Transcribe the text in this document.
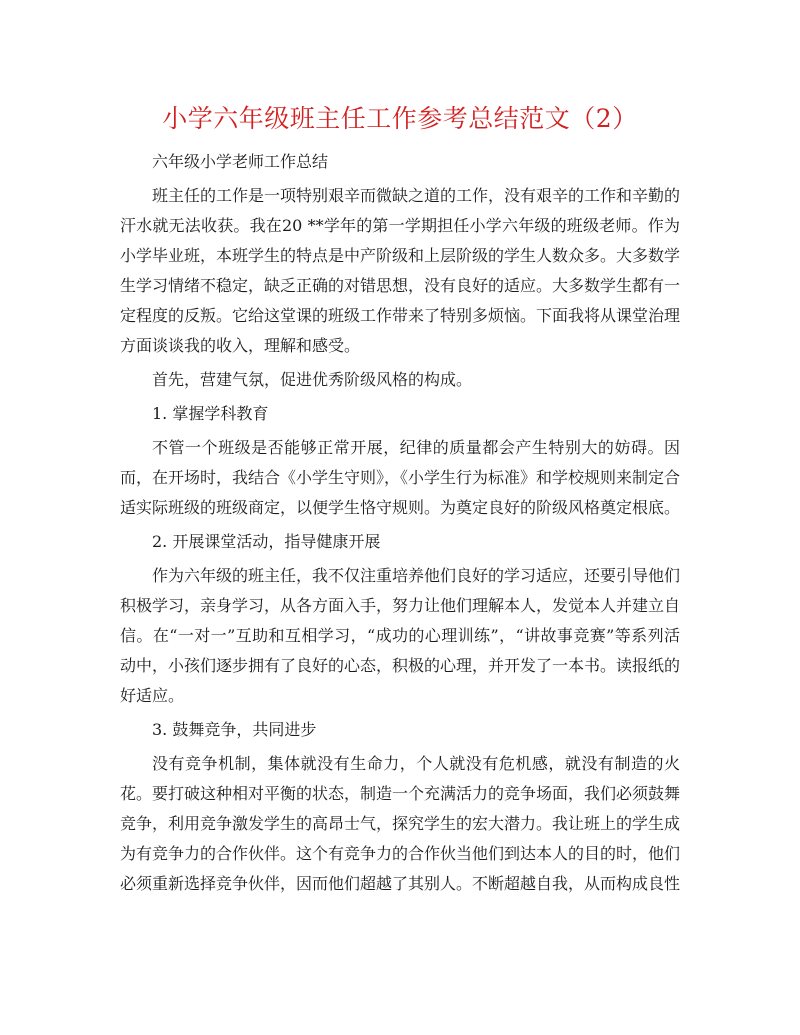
小学六年级班主任工作参考总结范文（2）

六年级小学老师工作总结

班主任的工作是一项特别艰辛而微缺之道的工作，没有艰辛的工作和辛勤的汗水就无法收获。我在20 **学年的第一学期担任小学六年级的班级老师。作为小学毕业班，本班学生的特点是中产阶级和上层阶级的学生人数众多。大多数学生学习情绪不稳定，缺乏正确的对错思想，没有良好的适应。大多数学生都有一定程度的反叛。它给这堂课的班级工作带来了特别多烦恼。下面我将从课堂治理方面谈谈我的收入，理解和感受。

首先，营建气氛，促进优秀阶级风格的构成。

1. 掌握学科教育

不管一个班级是否能够正常开展，纪律的质量都会产生特别大的妨碍。因而，在开场时，我结合《小学生守则》，《小学生行为标准》和学校规则来制定合适实际班级的班级商定，以便学生恪守规则。为奠定良好的阶级风格奠定根底。

2. 开展课堂活动，指导健康开展

作为六年级的班主任，我不仅注重培养他们良好的学习适应，还要引导他们积极学习，亲身学习，从各方面入手，努力让他们理解本人，发觉本人并建立自信。在“一对一”互助和互相学习，“成功的心理训练”，“讲故事竞赛”等系列活动中，小孩们逐步拥有了良好的心态，积极的心理，并开发了一本书。读报纸的好适应。

3. 鼓舞竞争，共同进步

没有竞争机制，集体就没有生命力，个人就没有危机感，就没有制造的火花。要打破这种相对平衡的状态，制造一个充满活力的竞争场面，我们必须鼓舞竞争，利用竞争激发学生的高昂士气，探究学生的宏大潜力。我让班上的学生成为有竞争力的合作伙伴。这个有竞争力的合作伙当他们到达本人的目的时，他们必须重新选择竞争伙伴，因而他们超越了其别人。不断超越自我，从而构成良性
